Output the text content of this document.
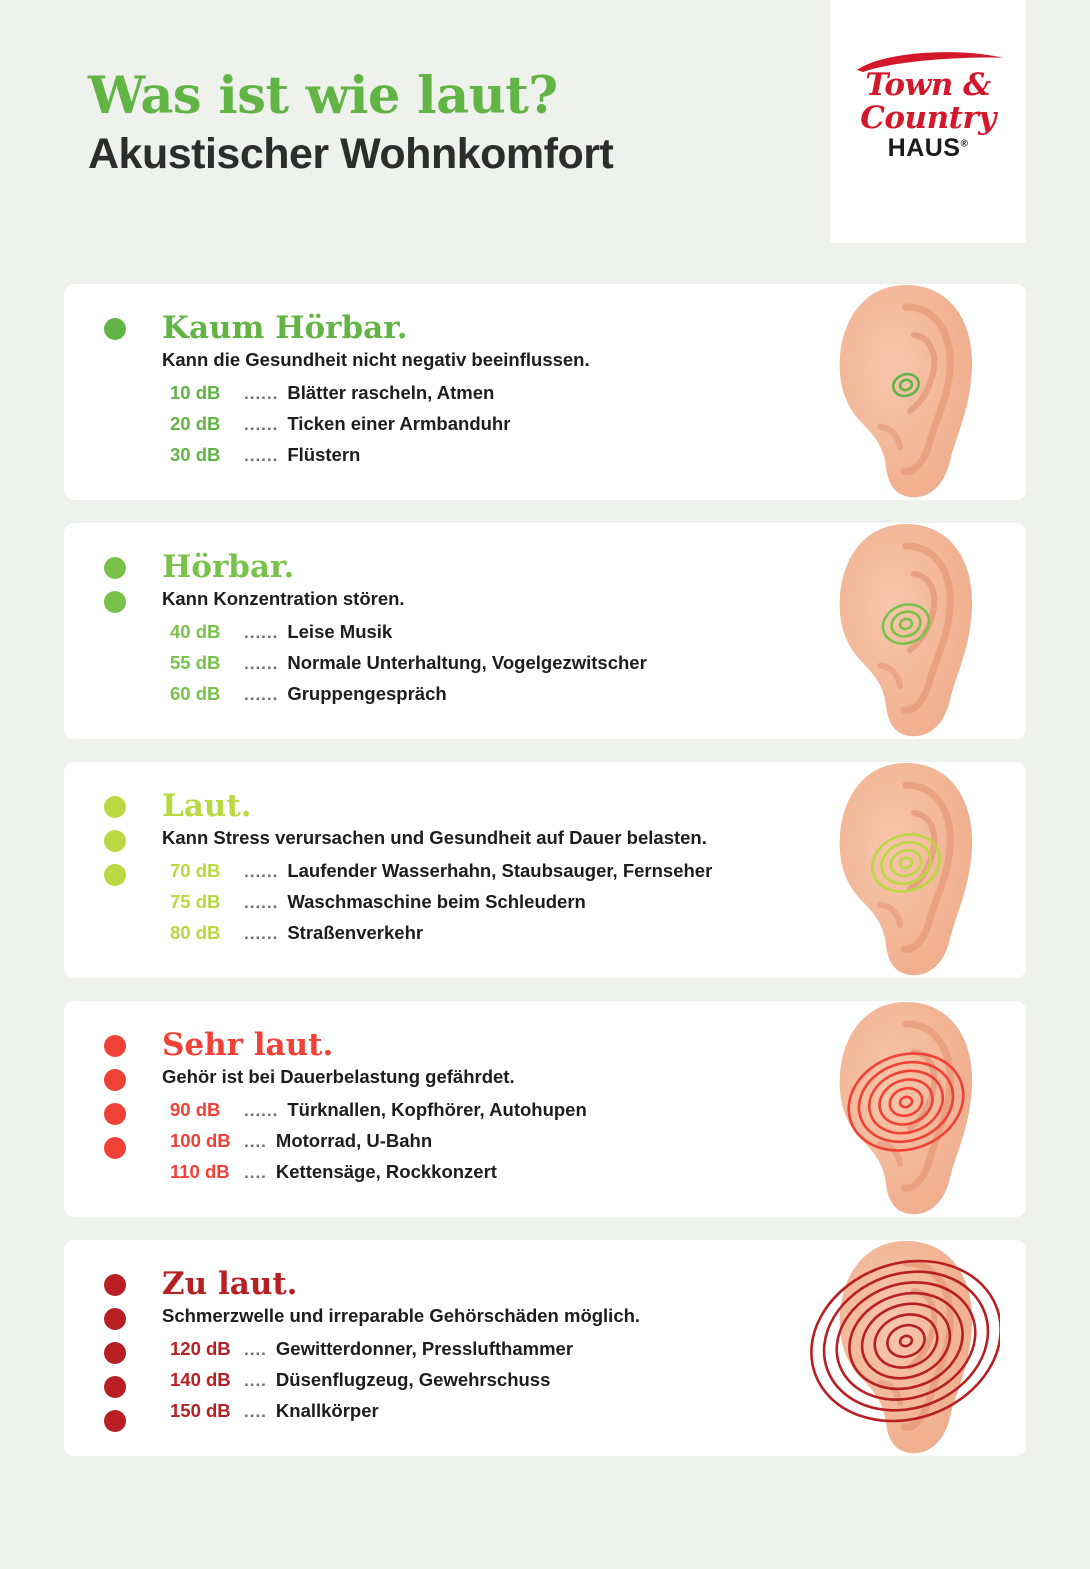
Was ist wie laut?
Akustischer Wohnkomfort
Town &
Country
HAUS®
Kaum Hörbar.
Kann die Gesundheit nicht negativ beeinflussen.
10 dB	...... Blätter rascheln, Atmen
20 dB	...... Ticken einer Armbanduhr
30 dB	...... Flüstern
Hörbar.
Kann Konzentration stören.
40 dB	...... Leise Musik
55 dB	...... Normale Unterhaltung, Vogelgezwitscher
60 dB	...... Gruppengespräch
Laut.
Kann Stress verursachen und Gesundheit auf Dauer belasten.
70 dB	...... Laufender Wasserhahn, Staubsauger, Fernseher
75 dB	...... Waschmaschine beim Schleudern
80 dB	...... Straßenverkehr
Sehr laut.
Gehör ist bei Dauerbelastung gefährdet.
90 dB	...... Türknallen, Kopfhörer, Autohupen
100 dB .... Motorrad, U-Bahn
110 dB .... Kettensäge, Rockkonzert
Zu laut.
Schmerzwelle und irreparable Gehörschäden möglich.
120 dB .... Gewitterdonner, Presslufthammer
140 dB .... Düsenflugzeug, Gewehrschuss
150 dB .... Knallkörper
